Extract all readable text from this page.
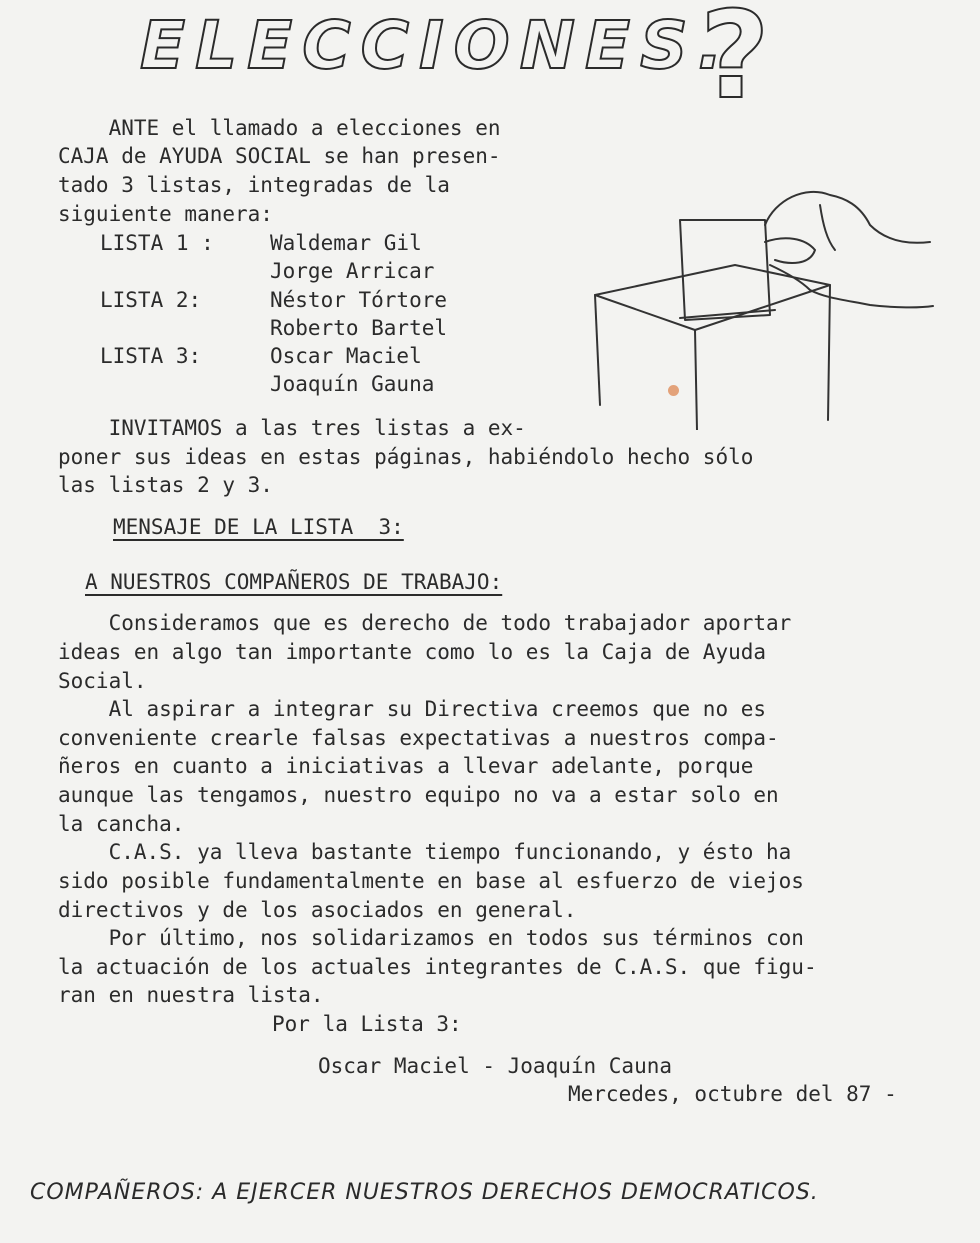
ELECCIONES.
?
ANTE el llamado a elecciones en
CAJA de AYUDA SOCIAL se han presen-
tado 3 listas, integradas de la
siguiente manera:
LISTA 1 :	Waldemar Gil
Jorge Arricar
LISTA 2:	Néstor Tórtore
Roberto Bartel
LISTA 3:	Oscar Maciel
Joaquín Gauna
INVITAMOS a las tres listas a ex-
poner sus ideas en estas páginas, habiéndolo hecho sólo
las listas 2 y 3.
MENSAJE DE LA LISTA  3:
A NUESTROS COMPAÑEROS DE TRABAJO:
Consideramos que es derecho de todo trabajador aportar
ideas en algo tan importante como lo es la Caja de Ayuda
Social.
Al aspirar a integrar su Directiva creemos que no es
conveniente crearle falsas expectativas a nuestros compa-
ñeros en cuanto a iniciativas a llevar adelante, porque
aunque las tengamos, nuestro equipo no va a estar solo en
la cancha.
C.A.S. ya lleva bastante tiempo funcionando, y ésto ha
sido posible fundamentalmente en base al esfuerzo de viejos
directivos y de los asociados en general.
Por último, nos solidarizamos en todos sus términos con
la actuación de los actuales integrantes de C.A.S. que figu-
ran en nuestra lista.
Por la Lista 3:
Oscar Maciel - Joaquín Cauna
Mercedes, octubre del 87 -
COMPAÑEROS: A EJERCER NUESTROS DERECHOS DEMOCRATICOS.
